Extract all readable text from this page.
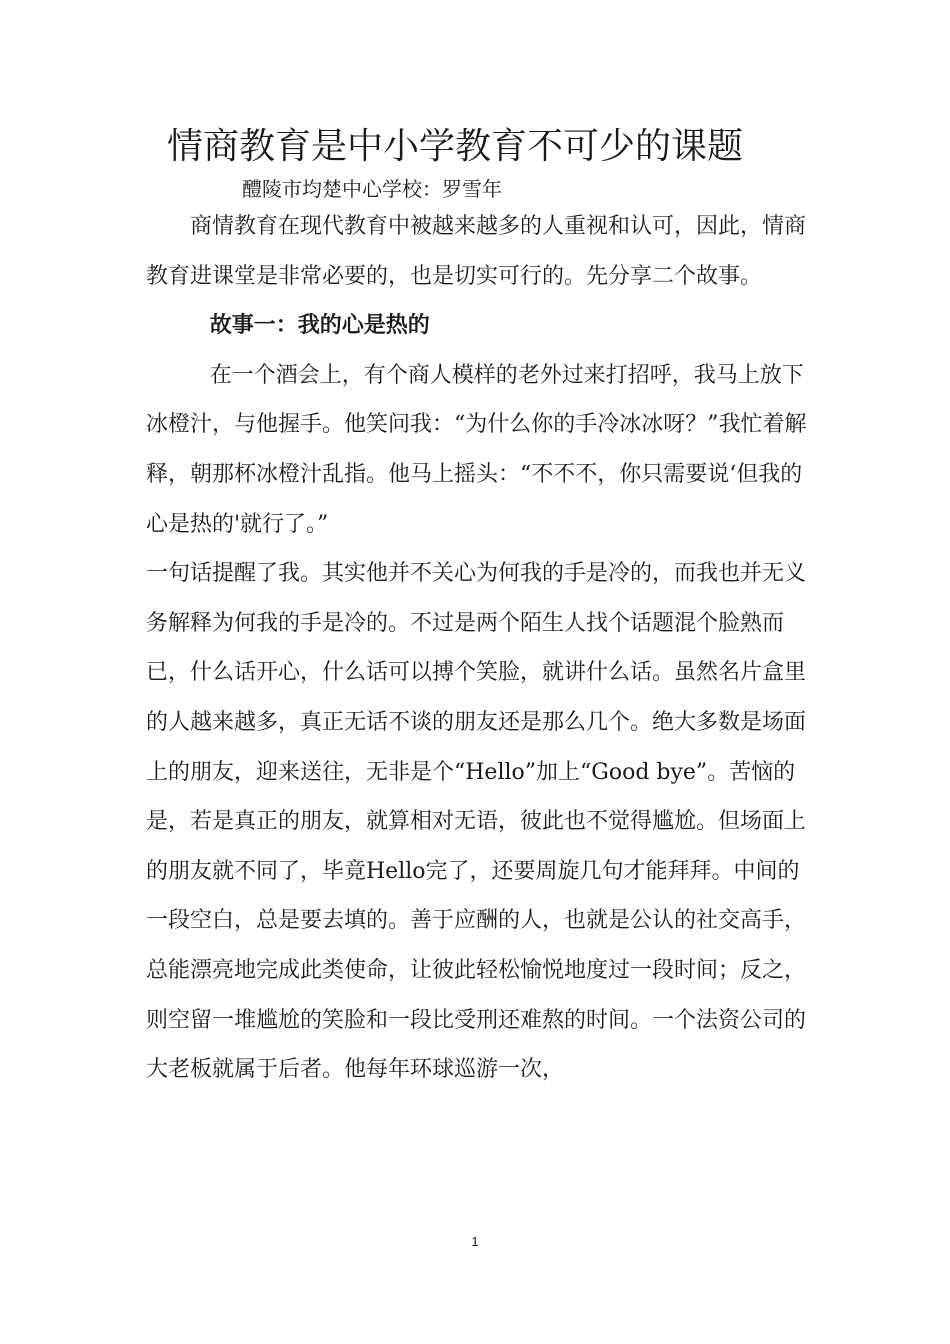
情商教育是中小学教育不可少的课题
醴陵市均楚中心学校：罗雪年

商情教育在现代教育中被越来越多的人重视和认可，因此，情商教育进课堂是非常必要的，也是切实可行的。先分享二个故事。

故事一：我的心是热的

在一个酒会上，有个商人模样的老外过来打招呼，我马上放下冰橙汁，与他握手。他笑问我：“为什么你的手冷冰冰呀？”我忙着解释，朝那杯冰橙汁乱指。他马上摇头：“不不不，你只需要说‘但我的心是热的'就行了。”

一句话提醒了我。其实他并不关心为何我的手是冷的，而我也并无义务解释为何我的手是冷的。不过是两个陌生人找个话题混个脸熟而已，什么话开心，什么话可以搏个笑脸，就讲什么话。虽然名片盒里的人越来越多，真正无话不谈的朋友还是那么几个。绝大多数是场面上的朋友，迎来送往，无非是个“Hello”加上“Good bye”。苦恼的是，若是真正的朋友，就算相对无语，彼此也不觉得尴尬。但场面上的朋友就不同了，毕竟Hello完了，还要周旋几句才能拜拜。中间的一段空白，总是要去填的。善于应酬的人，也就是公认的社交高手，总能漂亮地完成此类使命，让彼此轻松愉悦地度过一段时间；反之，则空留一堆尴尬的笑脸和一段比受刑还难熬的时间。一个法资公司的大老板就属于后者。他每年环球巡游一次，

1
